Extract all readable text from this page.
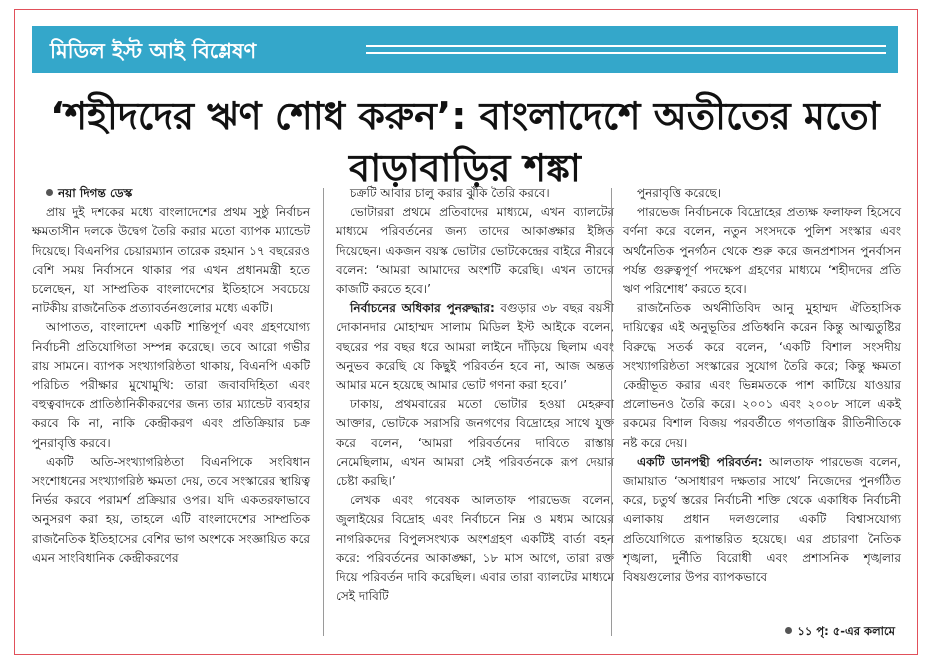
মিডিল ইস্ট আই বিশ্লেষণ
‘শহীদদের ঋণ শোধ করুন’: বাংলাদেশে অতীতের মতো বাড়াবাড়ির শঙ্কা

নয়া দিগন্ত ডেস্ক

প্রায় দুই দশকের মধ্যে বাংলাদেশের প্রথম সুষ্ঠু নির্বাচন ক্ষমতাসীন দলকে উদ্বেগ তৈরি করার মতো ব্যাপক ম্যান্ডেট দিয়েছে। বিএনপির চেয়ারম্যান তারেক রহমান ১৭ বছরেরও বেশি সময় নির্বাসনে থাকার পর এখন প্রধানমন্ত্রী হতে চলেছেন, যা সাম্প্রতিক বাংলাদেশের ইতিহাসে সবচেয়ে নাটকীয় রাজনৈতিক প্রত্যাবর্তনগুলোর মধ্যে একটি।

আপাতত, বাংলাদেশ একটি শান্তিপূর্ণ এবং গ্রহণযোগ্য নির্বাচনী প্রতিযোগিতা সম্পন্ন করেছে। তবে আরো গভীর রায় সামনে। ব্যাপক সংখ্যাগরিষ্ঠতা থাকায়, বিএনপি একটি পরিচিত পরীক্ষার মুখোমুখি: তারা জবাবদিহিতা এবং বহুত্ববাদকে প্রাতিষ্ঠানিকীকরণের জন্য তার ম্যান্ডেট ব্যবহার করবে কি না, নাকি কেন্দ্রীকরণ এবং প্রতিক্রিয়ার চক্র পুনরাবৃত্তি করবে।

একটি অতি-সংখ্যাগরিষ্ঠতা বিএনপিকে সংবিধান সংশোধনের সংখ্যাগরিষ্ঠ ক্ষমতা দেয়, তবে সংস্কারের স্থায়িত্ব নির্ভর করবে পরামর্শ প্রক্রিয়ার ওপর। যদি একতরফাভাবে অনুসরণ করা হয়, তাহলে এটি বাংলাদেশের সাম্প্রতিক রাজনৈতিক ইতিহাসের বেশির ভাগ অংশকে সংজ্ঞায়িত করে এমন সাংবিধানিক কেন্দ্রীকরণের

চক্রটি আবার চালু করার ঝুঁকি তৈরি করবে।

ভোটাররা প্রথমে প্রতিবাদের মাধ্যমে, এখন ব্যালটের মাধ্যমে পরিবর্তনের জন্য তাদের আকাঙ্ক্ষার ইঙ্গিত দিয়েছেন। একজন বয়স্ক ভোটার ভোটকেন্দ্রের বাইরে নীরবে বলেন: ‘আমরা আমাদের অংশটি করেছি। এখন তাদের কাজটি করতে হবে।’

নির্বাচনের অধিকার পুনরুদ্ধার: বগুড়ার ৩৮ বছর বয়সী দোকানদার মোহাম্মদ সালাম মিডিল ইস্ট আইকে বলেন, বছরের পর বছর ধরে আমরা লাইনে দাঁড়িয়ে ছিলাম এবং অনুভব করেছি যে কিছুই পরিবর্তন হবে না, আজ অন্তত আমার মনে হয়েছে আমার ভোট গণনা করা হবে।’

ঢাকায়, প্রথমবারের মতো ভোটার হওয়া মেহরুবা আক্তার, ভোটকে সরাসরি জনগণের বিদ্রোহের সাথে যুক্ত করে বলেন, ‘আমরা পরিবর্তনের দাবিতে রাস্তায় নেমেছিলাম, এখন আমরা সেই পরিবর্তনকে রূপ দেয়ার চেষ্টা করছি।’

লেখক এবং গবেষক আলতাফ পারভেজ বলেন, জুলাইয়ের বিদ্রোহ এবং নির্বাচনে নিম্ন ও মধ্যম আয়ের নাগরিকদের বিপুলসংখ্যক অংশগ্রহণ একটিই বার্তা বহন করে: পরিবর্তনের আকাঙ্ক্ষা, ১৮ মাস আগে, তারা রক্ত দিয়ে পরিবর্তন দাবি করেছিল। এবার তারা ব্যালটের মাধ্যমে সেই দাবিটি

পুনরাবৃত্তি করেছে।

পারভেজ নির্বাচনকে বিদ্রোহের প্রত্যক্ষ ফলাফল হিসেবে বর্ণনা করে বলেন, নতুন সংসদকে পুলিশ সংস্কার এবং অর্থনৈতিক পুনর্গঠন থেকে শুরু করে জনপ্রশাসন পুনর্বাসন পর্যন্ত গুরুত্বপূর্ণ পদক্ষেপ গ্রহণের মাধ্যমে ‘শহীদদের প্রতি ঋণ পরিশোধ’ করতে হবে।

রাজনৈতিক অর্থনীতিবিদ আনু মুহাম্মদ ঐতিহাসিক দায়িত্বের এই অনুভূতির প্রতিধ্বনি করেন কিন্তু আত্মতুষ্টির বিরুদ্ধে সতর্ক করে বলেন, ‘একটি বিশাল সংসদীয় সংখ্যাগরিষ্ঠতা সংস্কারের সুযোগ তৈরি করে; কিন্তু ক্ষমতা কেন্দ্রীভূত করার এবং ভিন্নমতকে পাশ কাটিয়ে যাওয়ার প্রলোভনও তৈরি করে। ২০০১ এবং ২০০৮ সালে একই রকমের বিশাল বিজয় পরবর্তীতে গণতান্ত্রিক রীতিনীতিকে নষ্ট করে দেয়।

একটি ডানপন্থী পরিবর্তন: আলতাফ পারভেজ বলেন, জামায়াত ‘অসাধারণ দক্ষতার সাথে’ নিজেদের পুনর্গঠিত করে, চতুর্থ স্তরের নির্বাচনী শক্তি থেকে একাধিক নির্বাচনী এলাকায় প্রধান দলগুলোর একটি বিশ্বাসযোগ্য প্রতিযোগিতে রূপান্তরিত হয়েছে। এর প্রচারণা নৈতিক শৃঙ্খলা, দুর্নীতি বিরোধী এবং প্রশাসনিক শৃঙ্খলার বিষয়গুলোর উপর ব্যাপকভাবে

১১ পৃ: ৫-এর কলামে
